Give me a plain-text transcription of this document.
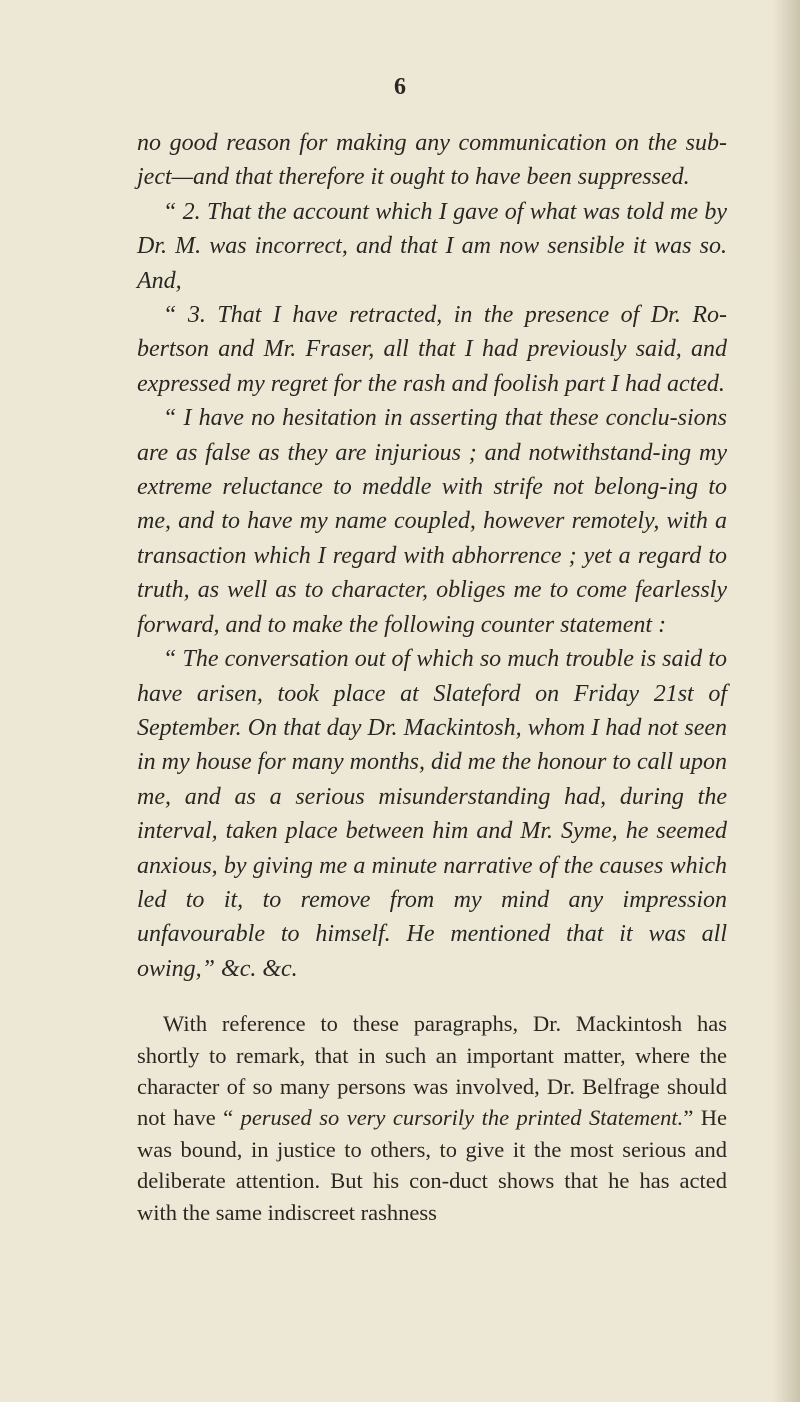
6

no good reason for making any communication on the sub-ject—and that therefore it ought to have been suppressed.

“ 2. That the account which I gave of what was told me by Dr. M. was incorrect, and that I am now sensible it was so. And,

“ 3. That I have retracted, in the presence of Dr. Ro-bertson and Mr. Fraser, all that I had previously said, and expressed my regret for the rash and foolish part I had acted.

“ I have no hesitation in asserting that these conclu-sions are as false as they are injurious ; and notwithstand-ing my extreme reluctance to meddle with strife not belong-ing to me, and to have my name coupled, however remotely, with a transaction which I regard with abhorrence ; yet a regard to truth, as well as to character, obliges me to come fearlessly forward, and to make the following counter statement :

“ The conversation out of which so much trouble is said to have arisen, took place at Slateford on Friday 21st of September. On that day Dr. Mackintosh, whom I had not seen in my house for many months, did me the honour to call upon me, and as a serious misunderstanding had, during the interval, taken place between him and Mr. Syme, he seemed anxious, by giving me a minute narrative of the causes which led to it, to remove from my mind any impression unfavourable to himself. He mentioned that it was all owing,” &c. &c.

With reference to these paragraphs, Dr. Mackintosh has shortly to remark, that in such an important matter, where the character of so many persons was involved, Dr. Belfrage should not have “ perused so very cursorily the printed Statement.” He was bound, in justice to others, to give it the most serious and deliberate attention. But his con-duct shows that he has acted with the same indiscreet rashness
